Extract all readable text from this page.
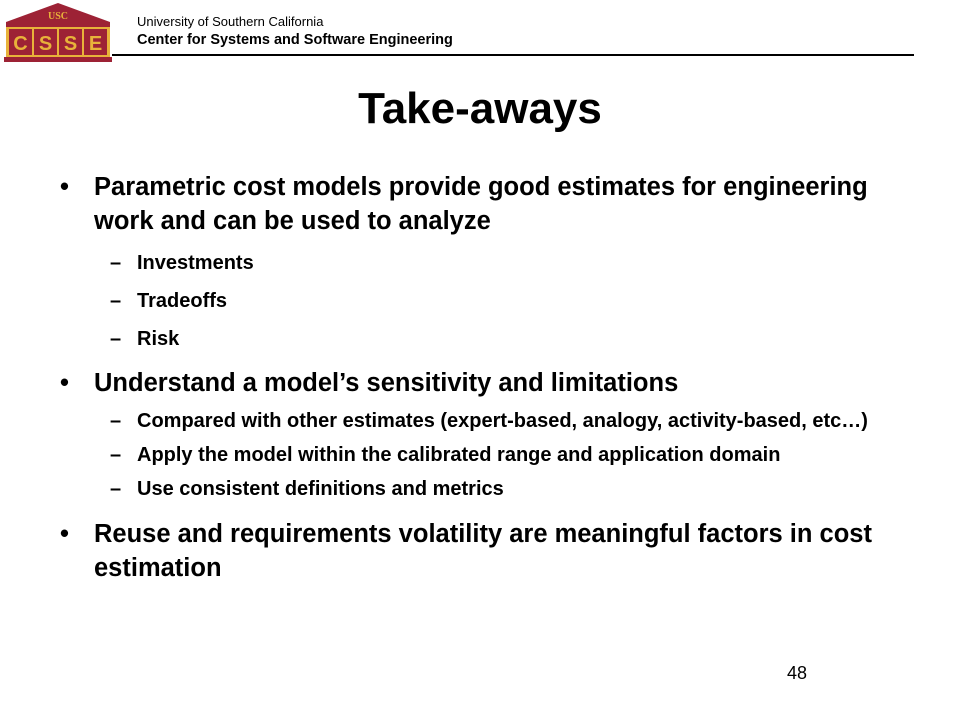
USC
C S S E
University of Southern California
Center for Systems and Software Engineering
Take-aways
• Parametric cost models provide good estimates for engineering work and can be used to analyze
– Investments
– Tradeoffs
– Risk
• Understand a model’s sensitivity and limitations
– Compared with other estimates (expert-based, analogy, activity-based, etc…)
– Apply the model within the calibrated range and application domain
– Use consistent definitions and metrics
• Reuse and requirements volatility are meaningful factors in cost estimation
48
